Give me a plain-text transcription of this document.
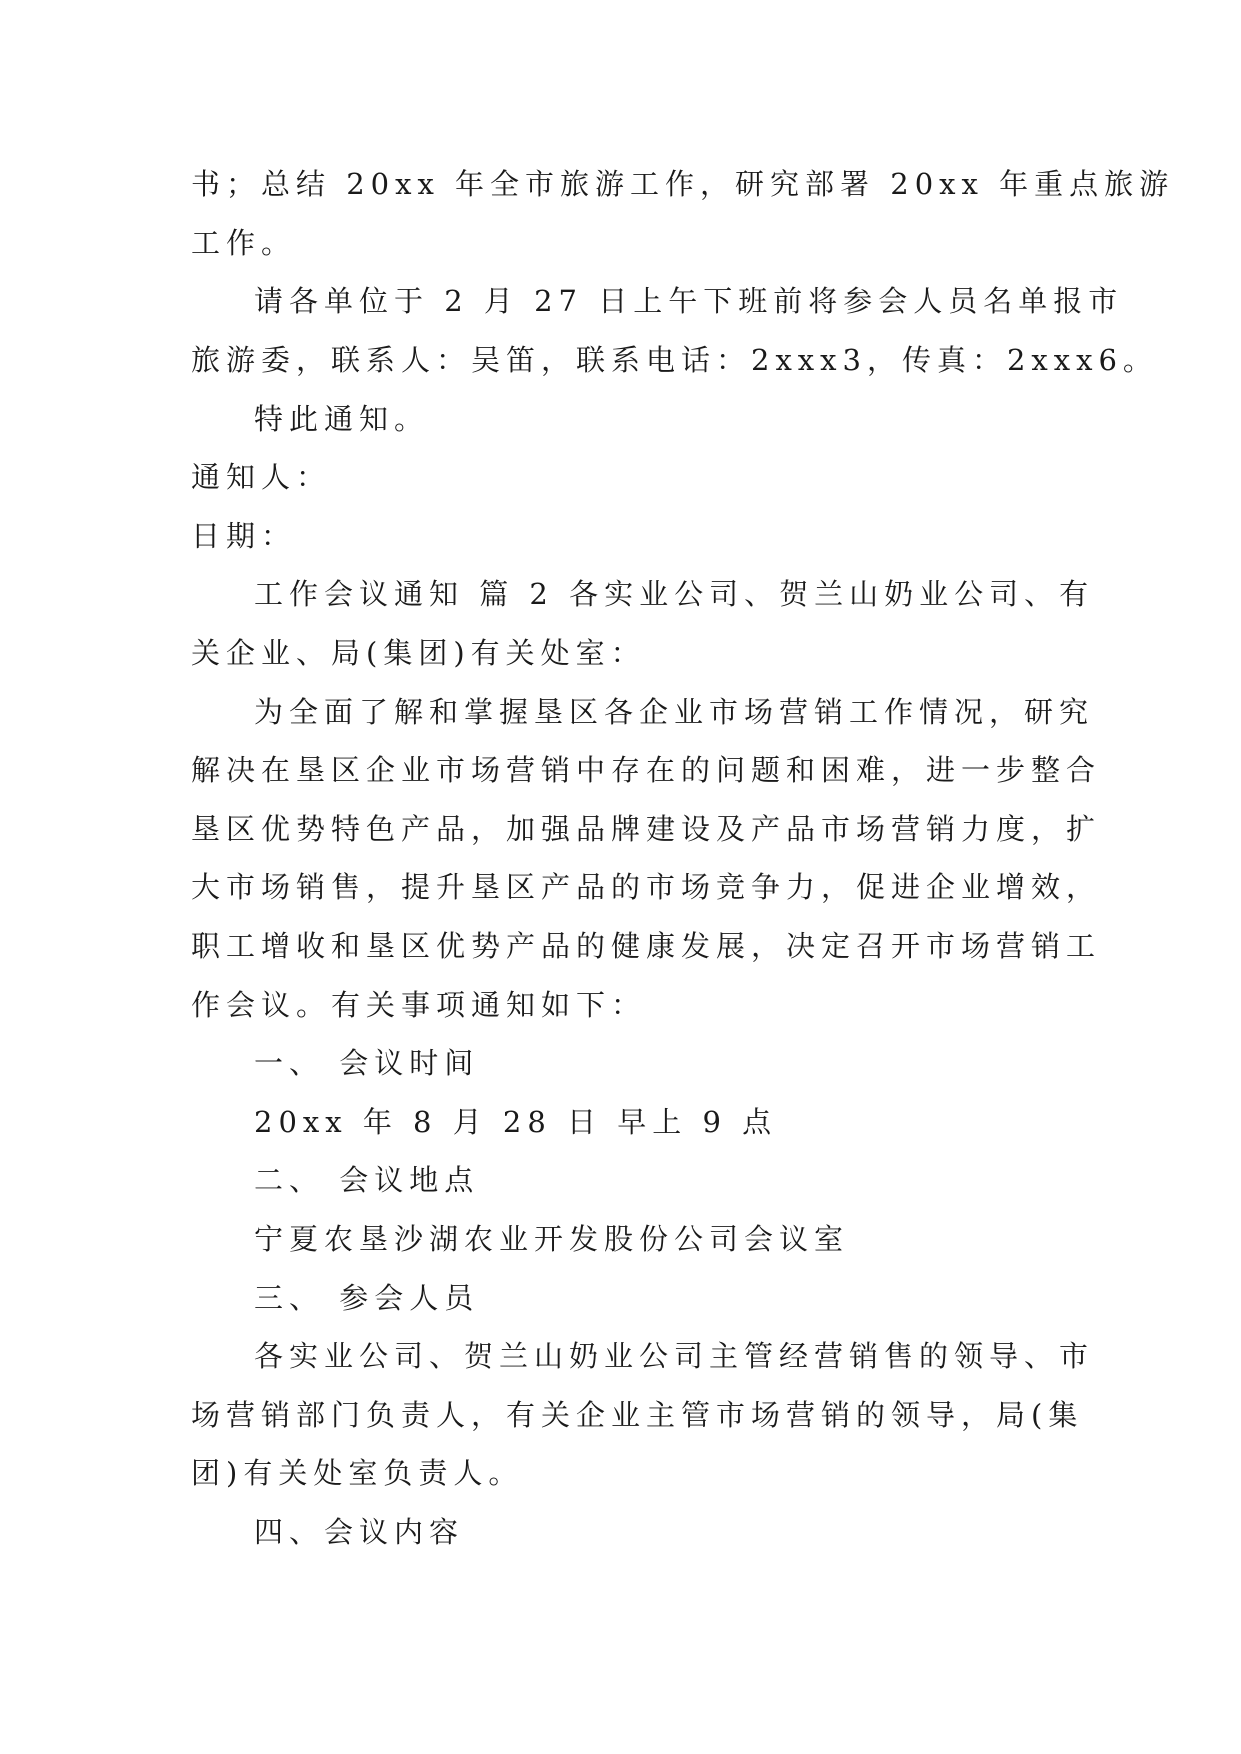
书；总结 20xx 年全市旅游工作，研究部署 20xx 年重点旅游
工作。
请各单位于 2 月 27 日上午下班前将参会人员名单报市
旅游委，联系人：吴笛，联系电话：2xxx3，传真：2xxx6。
特此通知。
通知人：
日期：
工作会议通知 篇 2 各实业公司、贺兰山奶业公司、有
关企业、局(集团)有关处室：
为全面了解和掌握垦区各企业市场营销工作情况，研究
解决在垦区企业市场营销中存在的问题和困难，进一步整合
垦区优势特色产品，加强品牌建设及产品市场营销力度，扩
大市场销售，提升垦区产品的市场竞争力，促进企业增效，
职工增收和垦区优势产品的健康发展，决定召开市场营销工
作会议。有关事项通知如下：
一、 会议时间
20xx 年 8 月 28 日 早上 9 点
二、 会议地点
宁夏农垦沙湖农业开发股份公司会议室
三、 参会人员
各实业公司、贺兰山奶业公司主管经营销售的领导、市
场营销部门负责人，有关企业主管市场营销的领导，局(集
团)有关处室负责人。
四、会议内容
